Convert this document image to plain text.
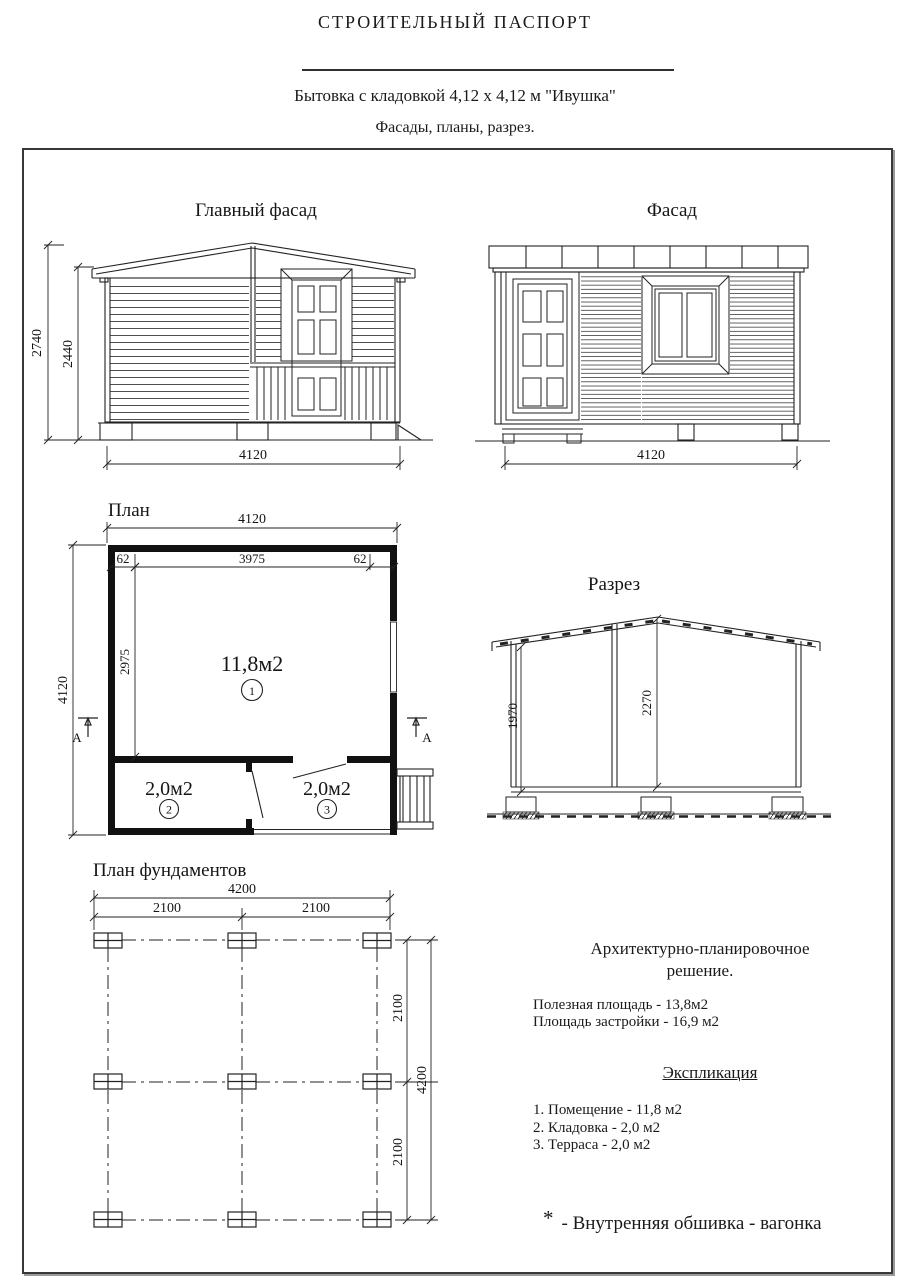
СТРОИТЕЛЬНЫЙ ПАСПОРТ
Бытовка с кладовкой 4,12 х 4,12 м "Ивушка"
Фасады, планы, разрез.
Главный фасад
2740 2440
4120
Фасад
4120
План	4120
62	3975	62
2975
4120
11,8м2
1
2,0м2
2
2,0м2
3
А	А
Разрез
1970	2270
План фундаментов
4200
2100	2100
2100
4200
2100
Архитектурно-планировочное
решение.
Полезная площадь - 13,8м2
Площадь застройки - 16,9 м2
Экспликация
1. Помещение - 11,8 м2
2. Кладовка - 2,0 м2
3. Терраса - 2,0 м2
* - Внутренняя обшивка - вагонка
